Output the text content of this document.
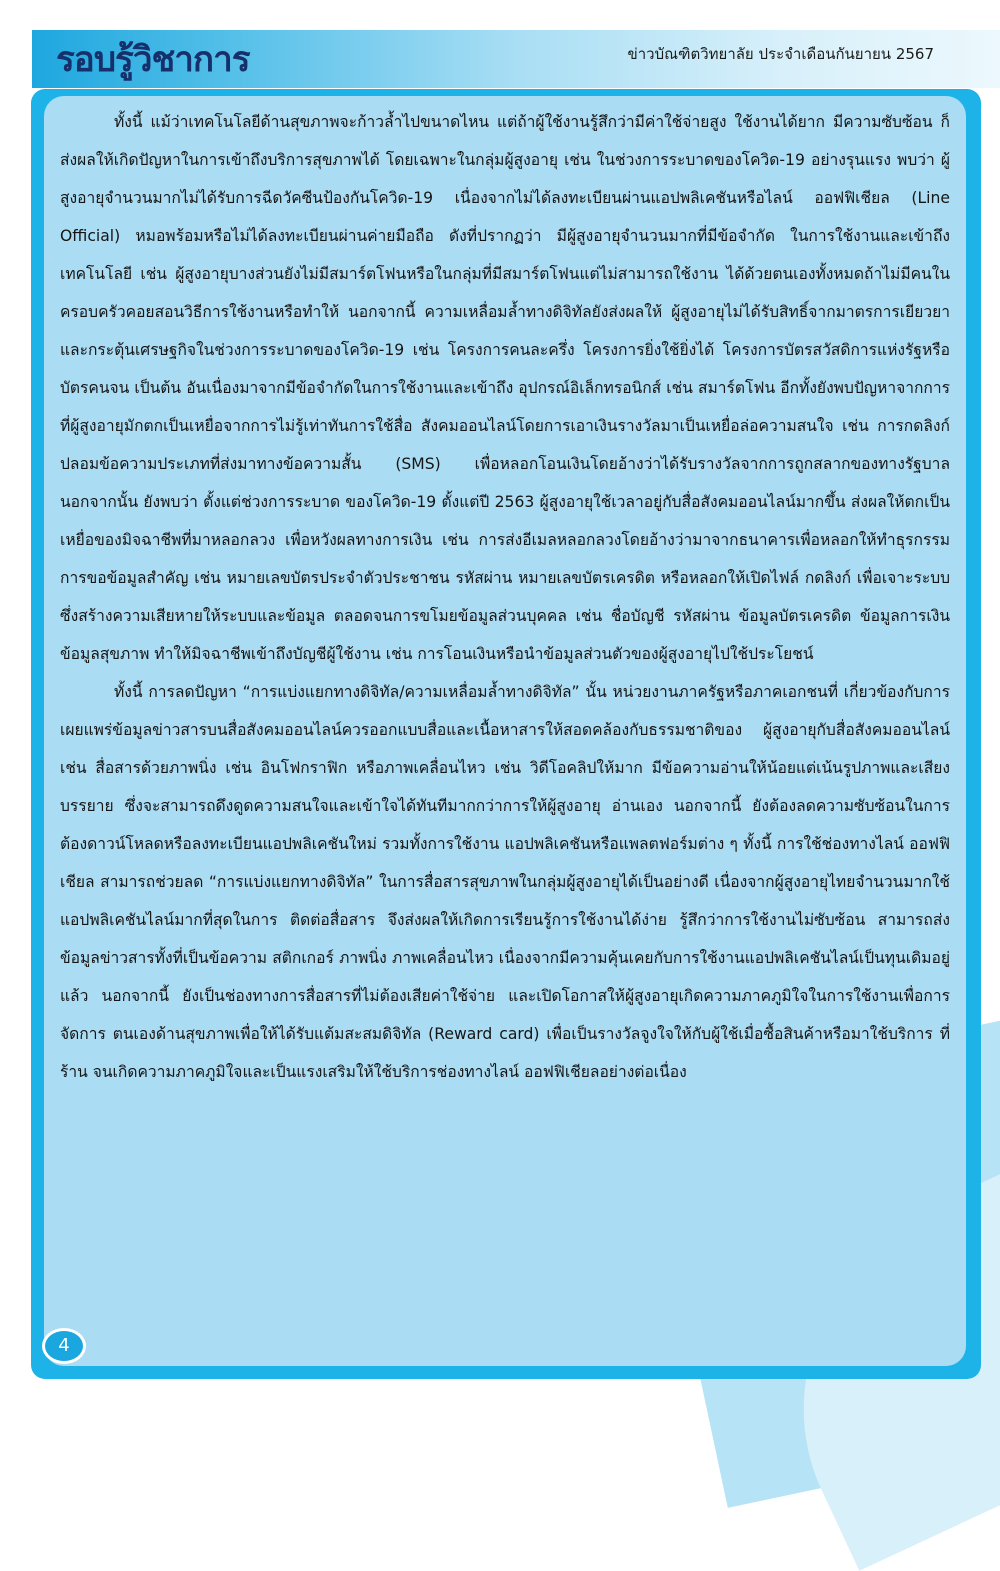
รอบรู้วิชาการ	ข่าวบัณฑิตวิทยาลัย ประจำเดือนกันยายน 2567

ทั้งนี้ แม้ว่าเทคโนโลยีด้านสุขภาพจะก้าวล้ำไปขนาดไหน แต่ถ้าผู้ใช้งานรู้สึกว่ามีค่าใช้จ่ายสูง ใช้งานได้ยาก มีความซับซ้อน ก็ส่งผลให้เกิดปัญหาในการเข้าถึงบริการสุขภาพได้ โดยเฉพาะในกลุ่มผู้สูงอายุ เช่น ในช่วงการระบาดของโควิด-19 อย่างรุนแรง พบว่า ผู้สูงอายุจำนวนมากไม่ได้รับการฉีดวัคซีนป้องกันโควิด-19 เนื่องจากไม่ได้ลงทะเบียนผ่านแอปพลิเคชันหรือไลน์ ออฟฟิเชียล (Line Official) หมอพร้อมหรือไม่ได้ลงทะเบียนผ่านค่ายมือถือ ดังที่ปรากฏว่า มีผู้สูงอายุจำนวนมากที่มีข้อจำกัด ในการใช้งานและเข้าถึงเทคโนโลยี เช่น ผู้สูงอายุบางส่วนยังไม่มีสมาร์ตโฟนหรือในกลุ่มที่มีสมาร์ตโฟนแต่ไม่สามารถใช้งาน ได้ด้วยตนเองทั้งหมดถ้าไม่มีคนในครอบครัวคอยสอนวิธีการใช้งานหรือทำให้ นอกจากนี้ ความเหลื่อมล้ำทางดิจิทัลยังส่งผลให้ ผู้สูงอายุไม่ได้รับสิทธิ์จากมาตรการเยียวยาและกระตุ้นเศรษฐกิจในช่วงการระบาดของโควิด-19 เช่น โครงการคนละครึ่ง โครงการยิ่งใช้ยิ่งได้ โครงการบัตรสวัสดิการแห่งรัฐหรือบัตรคนจน เป็นต้น อันเนื่องมาจากมีข้อจำกัดในการใช้งานและเข้าถึง อุปกรณ์อิเล็กทรอนิกส์ เช่น สมาร์ตโฟน อีกทั้งยังพบปัญหาจากการที่ผู้สูงอายุมักตกเป็นเหยื่อจากการไม่รู้เท่าทันการใช้สื่อ สังคมออนไลน์โดยการเอาเงินรางวัลมาเป็นเหยื่อล่อความสนใจ เช่น การกดลิงก์ปลอมข้อความประเภทที่ส่งมาทางข้อความสั้น (SMS) เพื่อหลอกโอนเงินโดยอ้างว่าได้รับรางวัลจากการถูกสลากของทางรัฐบาล นอกจากนั้น ยังพบว่า ตั้งแต่ช่วงการระบาด ของโควิด-19 ตั้งแต่ปี 2563 ผู้สูงอายุใช้เวลาอยู่กับสื่อสังคมออนไลน์มากขึ้น ส่งผลให้ตกเป็นเหยื่อของมิจฉาชีพที่มาหลอกลวง เพื่อหวังผลทางการเงิน เช่น การส่งอีเมลหลอกลวงโดยอ้างว่ามาจากธนาคารเพื่อหลอกให้ทำธุรกรรม การขอข้อมูลสำคัญ เช่น หมายเลขบัตรประจำตัวประชาชน รหัสผ่าน หมายเลขบัตรเครดิต หรือหลอกให้เปิดไฟล์ กดลิงก์ เพื่อเจาะระบบ ซึ่งสร้างความเสียหายให้ระบบและข้อมูล ตลอดจนการขโมยข้อมูลส่วนบุคคล เช่น ชื่อบัญชี รหัสผ่าน ข้อมูลบัตรเครดิต ข้อมูลการเงิน ข้อมูลสุขภาพ ทำให้มิจฉาชีพเข้าถึงบัญชีผู้ใช้งาน เช่น การโอนเงินหรือนำข้อมูลส่วนตัวของผู้สูงอายุไปใช้ประโยชน์

ทั้งนี้ การลดปัญหา “การแบ่งแยกทางดิจิทัล/ความเหลื่อมล้ำทางดิจิทัล” นั้น หน่วยงานภาครัฐหรือภาคเอกชนที่ เกี่ยวข้องกับการเผยแพร่ข้อมูลข่าวสารบนสื่อสังคมออนไลน์ควรออกแบบสื่อและเนื้อหาสารให้สอดคล้องกับธรรมชาติของ ผู้สูงอายุกับสื่อสังคมออนไลน์ เช่น สื่อสารด้วยภาพนิ่ง เช่น อินโฟกราฟิก หรือภาพเคลื่อนไหว เช่น วิดีโอคลิปให้มาก มีข้อความอ่านให้น้อยแต่เน้นรูปภาพและเสียงบรรยาย ซึ่งจะสามารถดึงดูดความสนใจและเข้าใจได้ทันทีมากกว่าการให้ผู้สูงอายุ อ่านเอง นอกจากนี้ ยังต้องลดความซับซ้อนในการต้องดาวน์โหลดหรือลงทะเบียนแอปพลิเคชันใหม่ รวมทั้งการใช้งาน แอปพลิเคชันหรือแพลตฟอร์มต่าง ๆ ทั้งนี้ การใช้ช่องทางไลน์ ออฟฟิเชียล สามารถช่วยลด “การแบ่งแยกทางดิจิทัล” ในการสื่อสารสุขภาพในกลุ่มผู้สูงอายุได้เป็นอย่างดี เนื่องจากผู้สูงอายุไทยจำนวนมากใช้แอปพลิเคชันไลน์มากที่สุดในการ ติดต่อสื่อสาร จึงส่งผลให้เกิดการเรียนรู้การใช้งานได้ง่าย รู้สึกว่าการใช้งานไม่ซับซ้อน สามารถส่งข้อมูลข่าวสารทั้งที่เป็นข้อความ สติกเกอร์ ภาพนิ่ง ภาพเคลื่อนไหว เนื่องจากมีความคุ้นเคยกับการใช้งานแอปพลิเคชันไลน์เป็นทุนเดิมอยู่แล้ว นอกจากนี้ ยังเป็นช่องทางการสื่อสารที่ไม่ต้องเสียค่าใช้จ่าย และเปิดโอกาสให้ผู้สูงอายุเกิดความภาคภูมิใจในการใช้งานเพื่อการจัดการ ตนเองด้านสุขภาพเพื่อให้ได้รับแต้มสะสมดิจิทัล (Reward card) เพื่อเป็นรางวัลจูงใจให้กับผู้ใช้เมื่อซื้อสินค้าหรือมาใช้บริการ ที่ร้าน จนเกิดความภาคภูมิใจและเป็นแรงเสริมให้ใช้บริการช่องทางไลน์ ออฟฟิเชียลอย่างต่อเนื่อง

4
